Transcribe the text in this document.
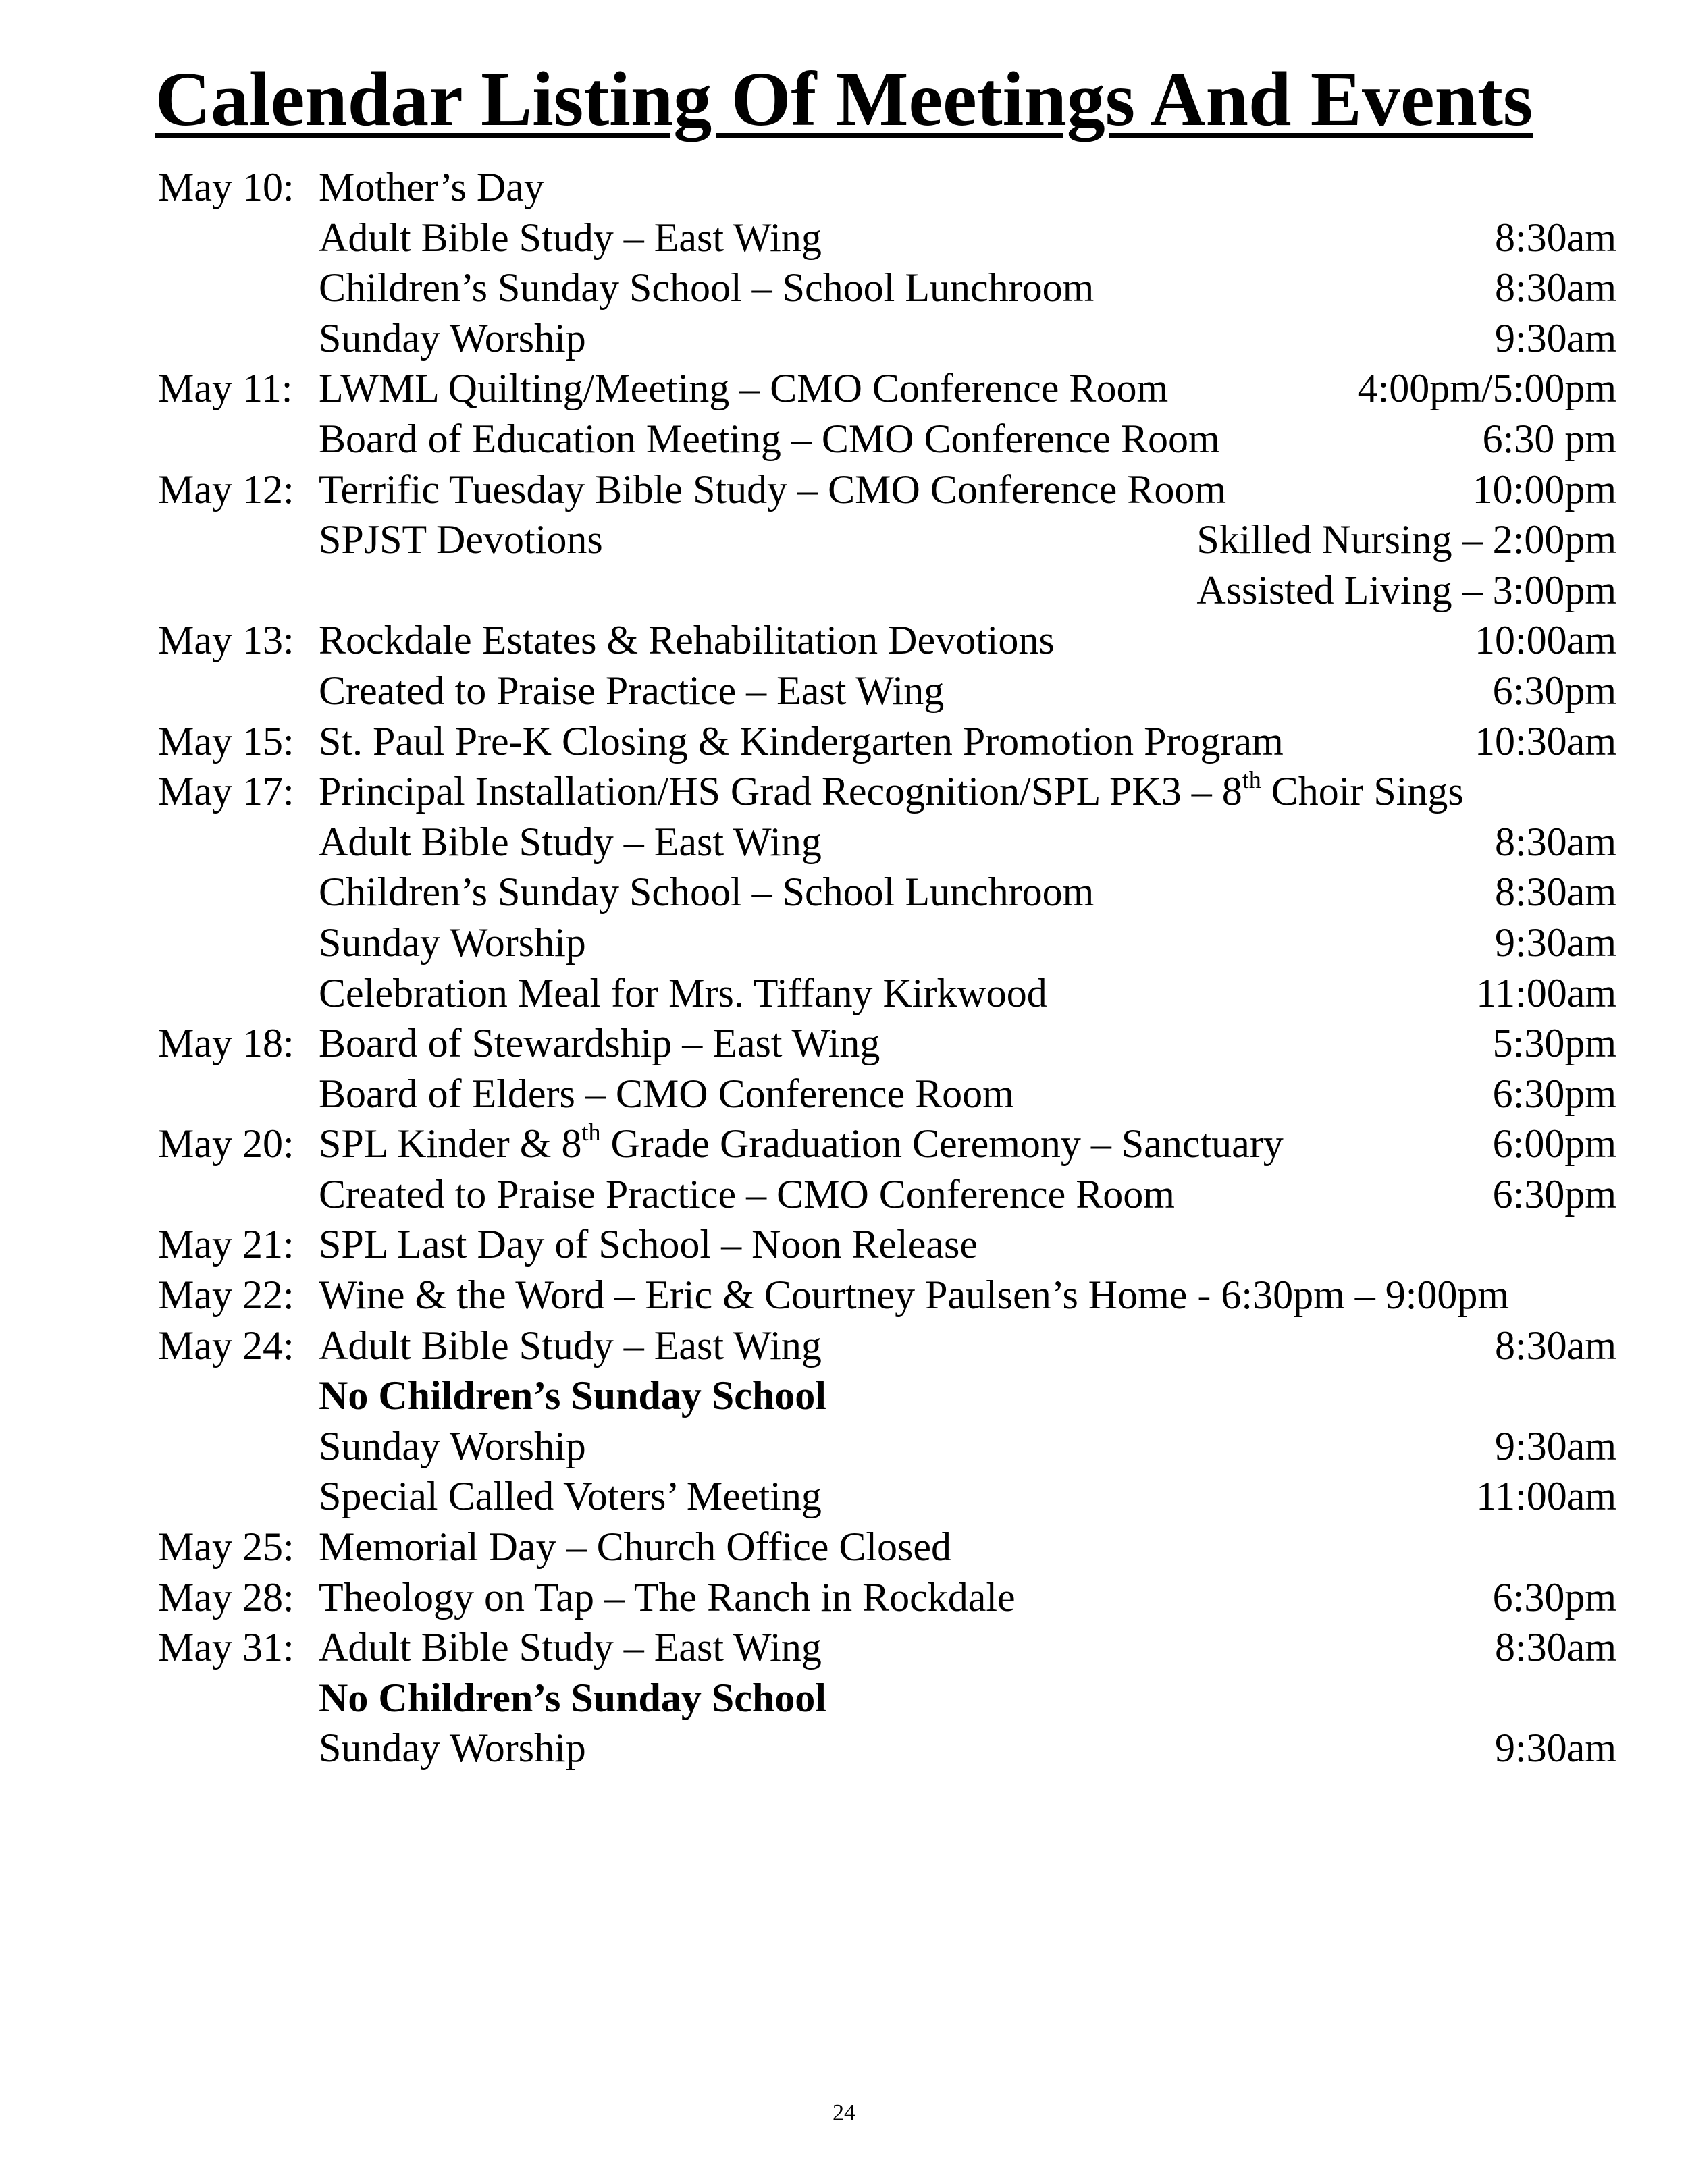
Calendar Listing Of Meetings And Events
May 10: Mother’s Day
Adult Bible Study – East Wing	8:30am
Children’s Sunday School – School Lunchroom	8:30am
Sunday Worship	9:30am
May 11: LWML Quilting/Meeting – CMO Conference Room	4:00pm/5:00pm
Board of Education Meeting – CMO Conference Room	6:30 pm
May 12: Terrific Tuesday Bible Study – CMO Conference Room	10:00pm
SPJST Devotions	Skilled Nursing – 2:00pm
Assisted Living – 3:00pm
May 13: Rockdale Estates & Rehabilitation Devotions	10:00am
Created to Praise Practice – East Wing	6:30pm
May 15: St. Paul Pre-K Closing & Kindergarten Promotion Program	10:30am
May 17: Principal Installation/HS Grad Recognition/SPL PK3 – 8th Choir Sings
Adult Bible Study – East Wing	8:30am
Children’s Sunday School – School Lunchroom	8:30am
Sunday Worship	9:30am
Celebration Meal for Mrs. Tiffany Kirkwood	11:00am
May 18: Board of Stewardship – East Wing	5:30pm
Board of Elders – CMO Conference Room	6:30pm
May 20: SPL Kinder & 8th Grade Graduation Ceremony – Sanctuary	6:00pm
Created to Praise Practice – CMO Conference Room	6:30pm
May 21: SPL Last Day of School – Noon Release
May 22: Wine & the Word – Eric & Courtney Paulsen’s Home - 6:30pm – 9:00pm
May 24: Adult Bible Study – East Wing	8:30am
No Children’s Sunday School
Sunday Worship	9:30am
Special Called Voters’ Meeting	11:00am
May 25: Memorial Day – Church Office Closed
May 28: Theology on Tap – The Ranch in Rockdale	6:30pm
May 31: Adult Bible Study – East Wing	8:30am
No Children’s Sunday School
Sunday Worship	9:30am
24
